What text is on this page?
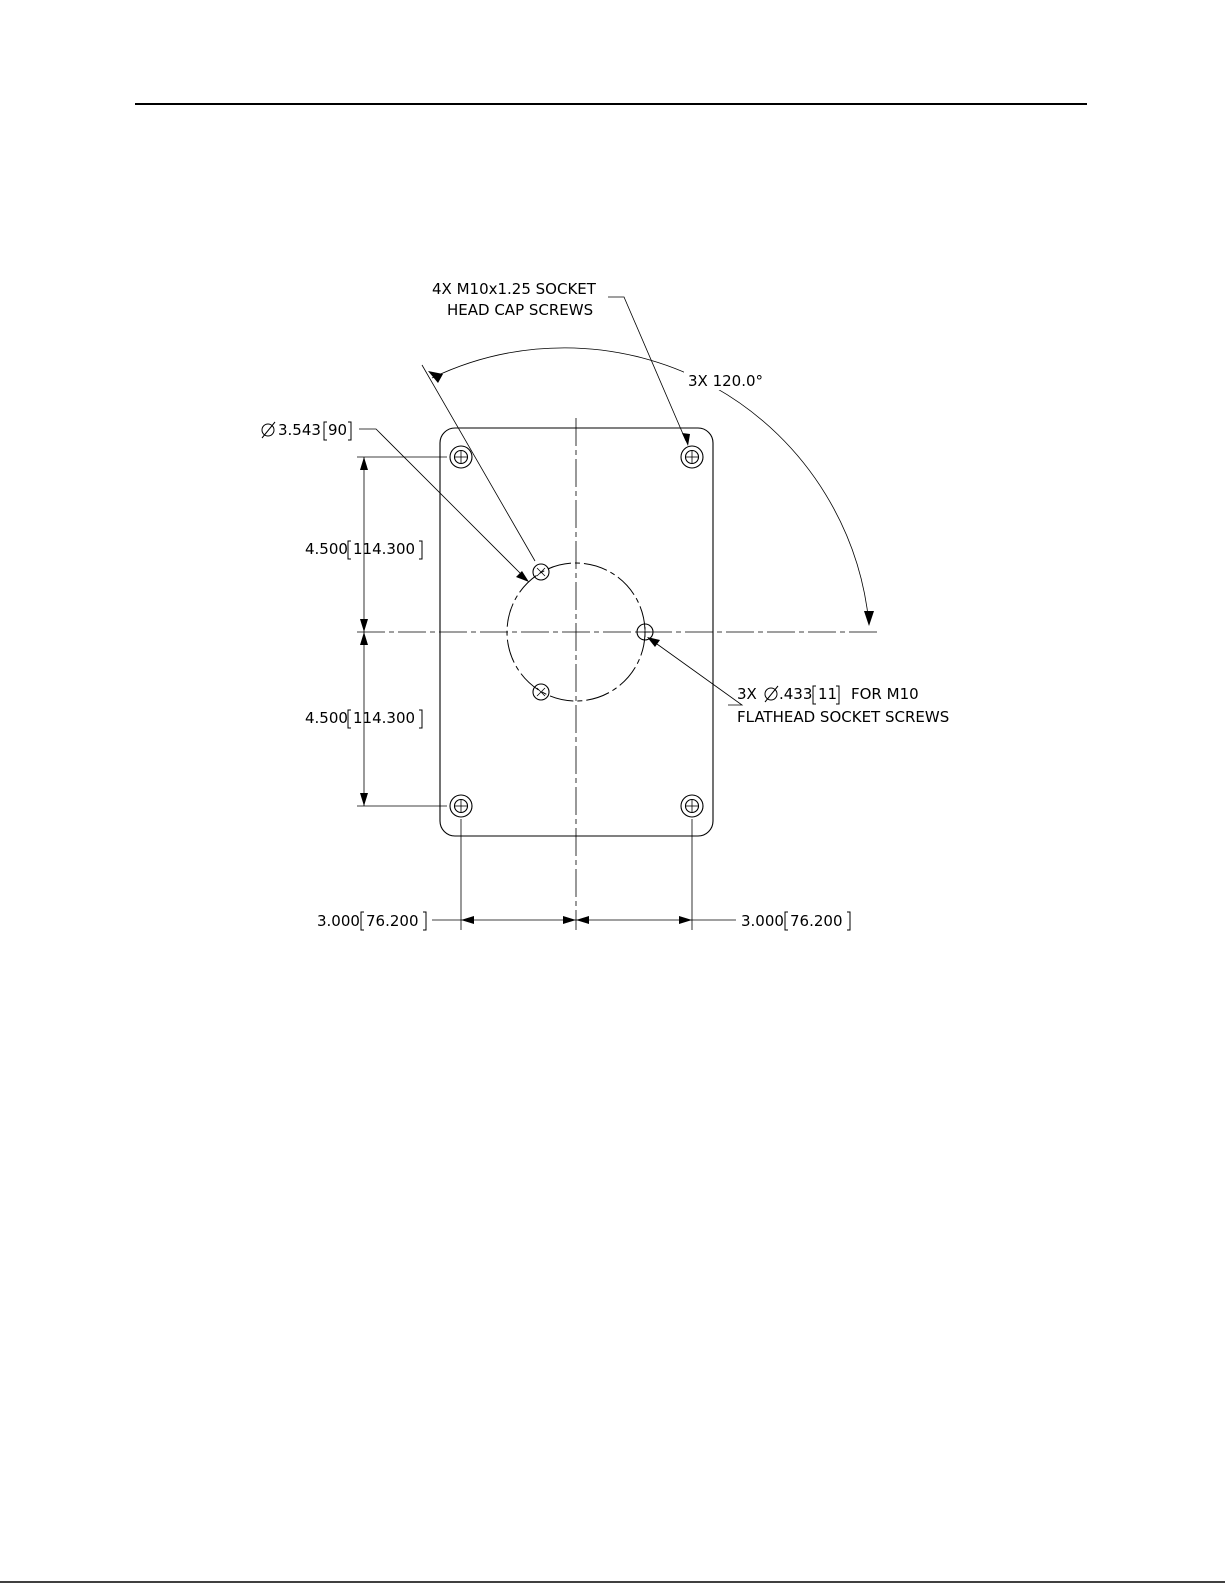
4X M10x1.25 SOCKET
HEAD CAP SCREWS
3X 120.0°
3.543 90
4.500 114.300
4.500 114.300
3X .433 11 FOR M10
FLATHEAD SOCKET SCREWS
3.000 76.200	3.000 76.200
